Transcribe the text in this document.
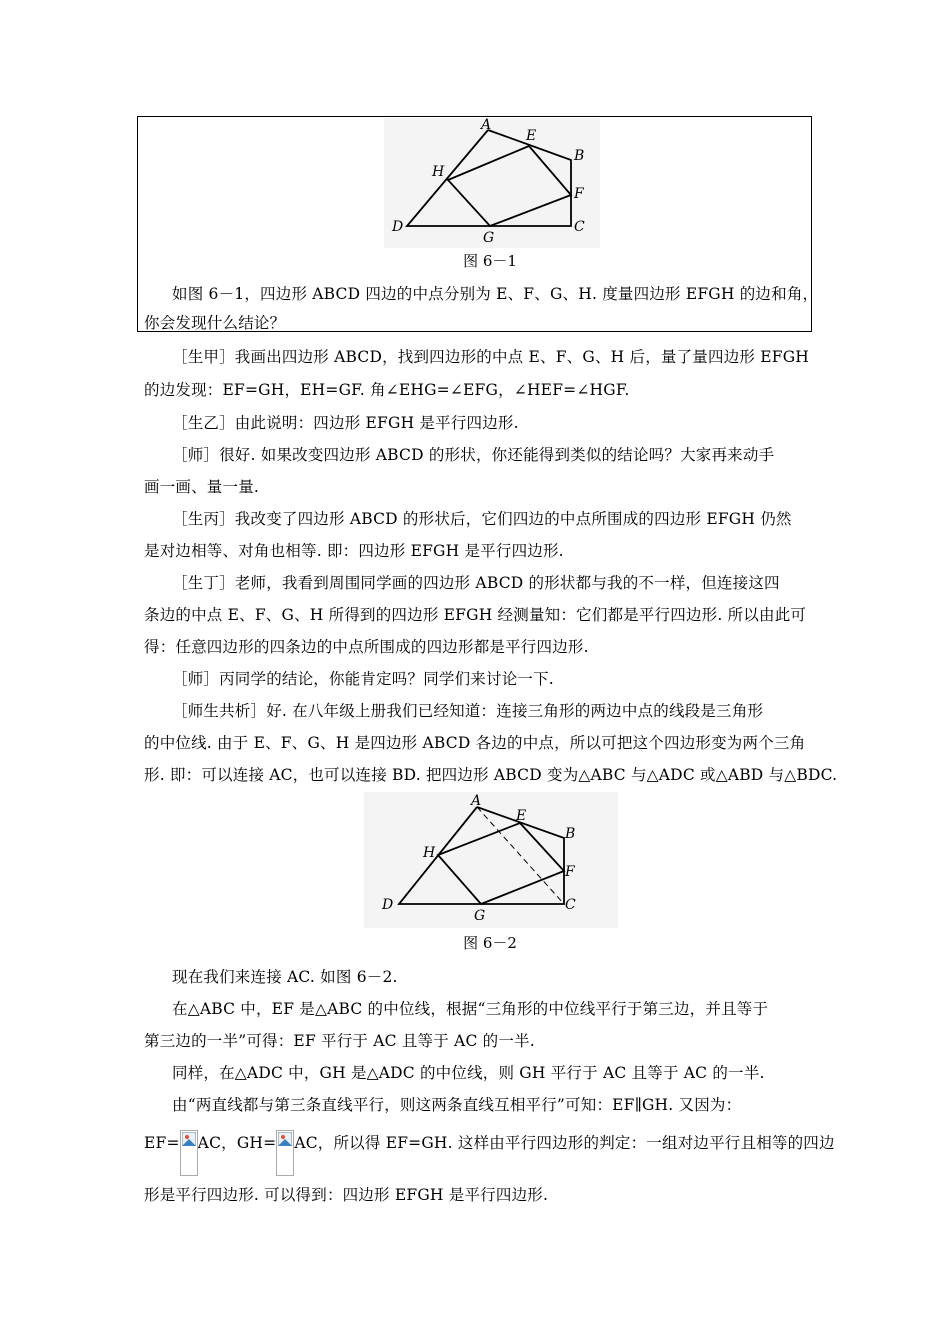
A
E
B
H
F
D
G
C
图 6－1
如图 6－1，四边形 ABCD 四边的中点分别为 E、F、G、H. 度量四边形 EFGH 的边和角，
你会发现什么结论？
［生甲］我画出四边形 ABCD，找到四边形的中点 E、F、G、H 后，量了量四边形 EFGH
的边发现：EF=GH，EH=GF. 角∠EHG=∠EFG，∠HEF=∠HGF.
［生乙］由此说明：四边形 EFGH 是平行四边形.
［师］很好. 如果改变四边形 ABCD 的形状，你还能得到类似的结论吗？大家再来动手
画一画、量一量.
［生丙］我改变了四边形 ABCD 的形状后，它们四边的中点所围成的四边形 EFGH 仍然
是对边相等、对角也相等. 即：四边形 EFGH 是平行四边形.
［生丁］老师，我看到周围同学画的四边形 ABCD 的形状都与我的不一样，但连接这四
条边的中点 E、F、G、H 所得到的四边形 EFGH 经测量知：它们都是平行四边形. 所以由此可
得：任意四边形的四条边的中点所围成的四边形都是平行四边形.
［师］丙同学的结论，你能肯定吗？同学们来讨论一下.
［师生共析］好. 在八年级上册我们已经知道：连接三角形的两边中点的线段是三角形
的中位线. 由于 E、F、G、H 是四边形 ABCD 各边的中点，所以可把这个四边形变为两个三角
形. 即：可以连接 AC，也可以连接 BD. 把四边形 ABCD 变为△ABC 与△ADC 或△ABD 与△BDC.
A
E
B
H
F
D
G
C
图 6－2
现在我们来连接 AC. 如图 6－2.
在△ABC 中，EF 是△ABC 的中位线，根据“三角形的中位线平行于第三边，并且等于
第三边的一半”可得：EF 平行于 AC 且等于 AC 的一半.
同样，在△ADC 中，GH 是△ADC 的中位线，则 GH 平行于 AC 且等于 AC 的一半.
由“两直线都与第三条直线平行，则这两条直线互相平行”可知：EF∥GH. 又因为：
EF= AC，GH= AC，所以得 EF=GH. 这样由平行四边形的判定：一组对边平行且相等的四边
形是平行四边形. 可以得到：四边形 EFGH 是平行四边形.
